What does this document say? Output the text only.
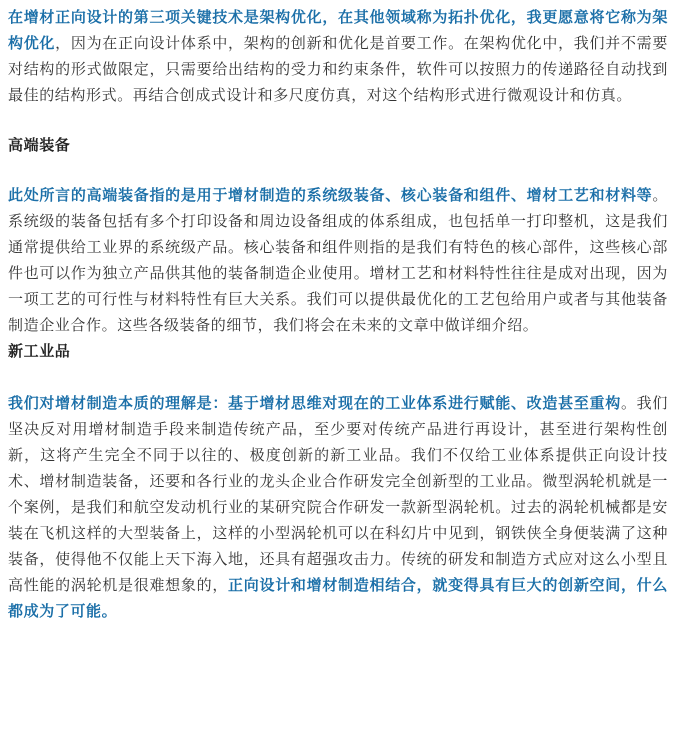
在增材正向设计的第三项关键技术是架构优化，在其他领域称为拓扑优化，我更愿意将它称为架构优化，因为在正向设计体系中，架构的创新和优化是首要工作。在架构优化中，我们并不需要对结构的形式做限定，只需要给出结构的受力和约束条件，软件可以按照力的传递路径自动找到最佳的结构形式。再结合创成式设计和多尺度仿真，对这个结构形式进行微观设计和仿真。

高端装备

此处所言的高端装备指的是用于增材制造的系统级装备、核心装备和组件、增材工艺和材料等。系统级的装备包括有多个打印设备和周边设备组成的体系组成，也包括单一打印整机，这是我们通常提供给工业界的系统级产品。核心装备和组件则指的是我们有特色的核心部件，这些核心部件也可以作为独立产品供其他的装备制造企业使用。增材工艺和材料特性往往是成对出现，因为一项工艺的可行性与材料特性有巨大关系。我们可以提供最优化的工艺包给用户或者与其他装备制造企业合作。这些各级装备的细节，我们将会在未来的文章中做详细介绍。

新工业品

我们对增材制造本质的理解是：基于增材思维对现在的工业体系进行赋能、改造甚至重构。我们坚决反对用增材制造手段来制造传统产品，至少要对传统产品进行再设计，甚至进行架构性创新，这将产生完全不同于以往的、极度创新的新工业品。我们不仅给工业体系提供正向设计技术、增材制造装备，还要和各行业的龙头企业合作研发完全创新型的工业品。微型涡轮机就是一个案例，是我们和航空发动机行业的某研究院合作研发一款新型涡轮机。过去的涡轮机械都是安装在飞机这样的大型装备上，这样的小型涡轮机可以在科幻片中见到，钢铁侠全身便装满了这种装备，使得他不仅能上天下海入地，还具有超强攻击力。传统的研发和制造方式应对这么小型且高性能的涡轮机是很难想象的，正向设计和增材制造相结合，就变得具有巨大的创新空间，什么都成为了可能。
